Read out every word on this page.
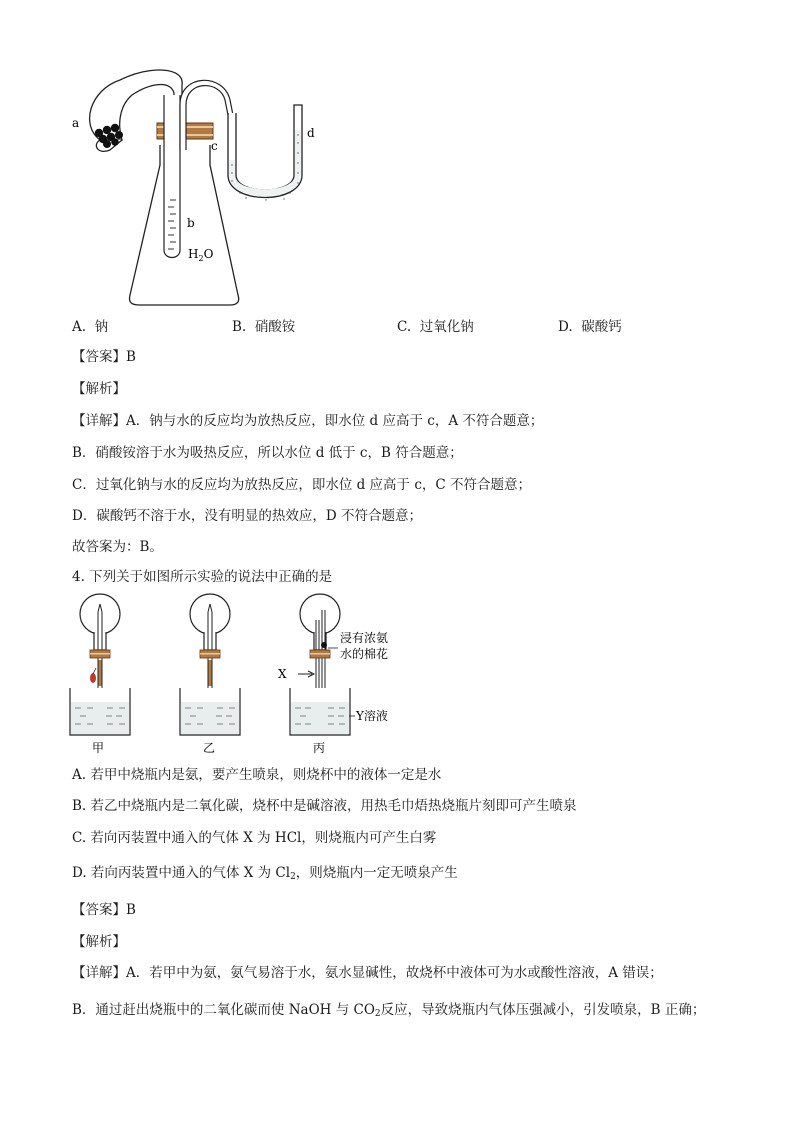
a
b
c
d
$H_2O$
A. 钠	B. 硝酸铵	C. 过氧化钠	D. 碳酸钙
【答案】B
【解析】
【详解】A．钠与水的反应均为放热反应，即水位 d 应高于 c，A 不符合题意；
B．硝酸铵溶于水为吸热反应，所以水位 d 低于 c，B 符合题意；
C．过氧化钠与水的反应均为放热反应，即水位 d 应高于 c，C 不符合题意；
D．碳酸钙不溶于水，没有明显的热效应，D 不符合题意；
故答案为：B。
4. 下列关于如图所示实验的说法中正确的是
甲	乙	丙
X
浸有浓氨
水的棉花
Y溶液
A. 若甲中烧瓶内是氨，要产生喷泉，则烧杯中的液体一定是水
B. 若乙中烧瓶内是二氧化碳，烧杯中是碱溶液，用热毛巾焐热烧瓶片刻即可产生喷泉
C. 若向丙装置中通入的气体 X 为 HCl，则烧瓶内可产生白雾
D. 若向丙装置中通入的气体 X 为 $Cl_2$，则烧瓶内一定无喷泉产生
【答案】B
【解析】
【详解】A．若甲中为氨，氨气易溶于水，氨水显碱性，故烧杯中液体可为水或酸性溶液，A 错误；
B．通过赶出烧瓶中的二氧化碳而使 NaOH 与 $CO_2$反应，导致烧瓶内气体压强减小，引发喷泉，B 正确；
